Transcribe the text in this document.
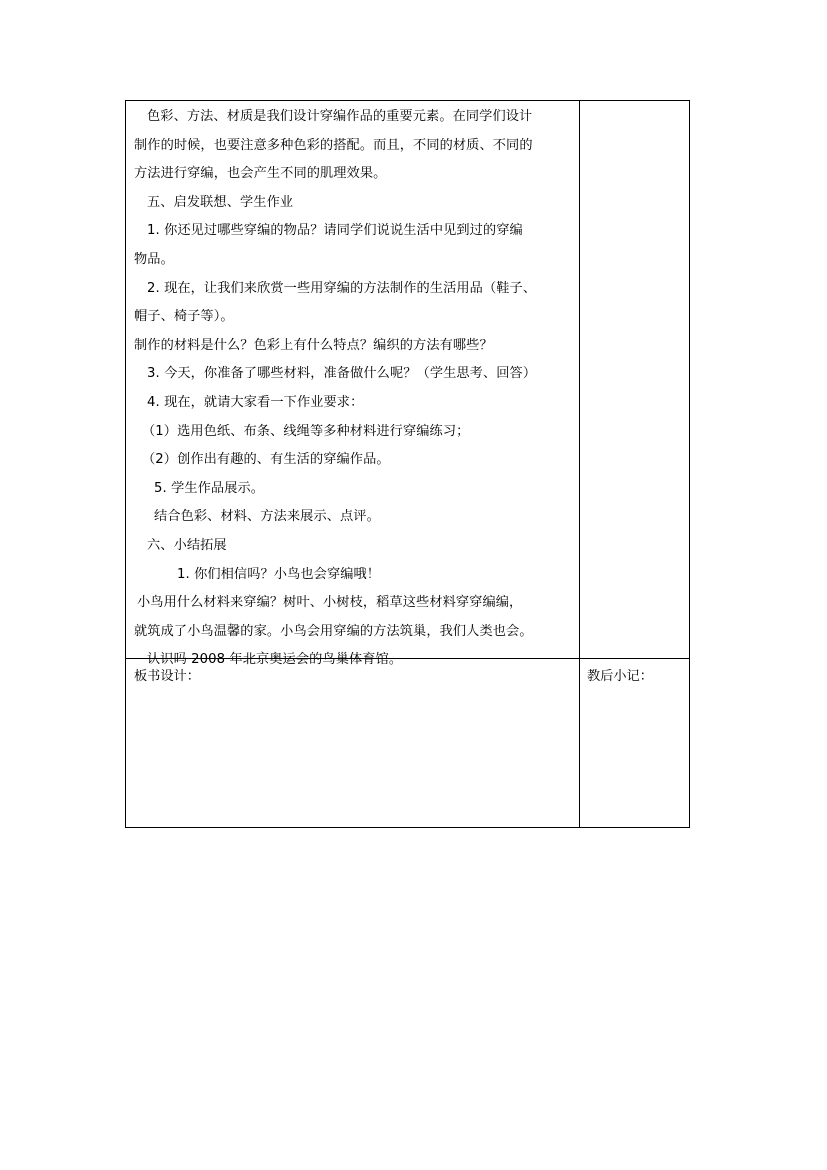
色彩、方法、材质是我们设计穿编作品的重要元素。在同学们设计
制作的时候，也要注意多种色彩的搭配。而且，不同的材质、不同的
方法进行穿编，也会产生不同的肌理效果。
五、启发联想、学生作业
1. 你还见过哪些穿编的物品？请同学们说说生活中见到过的穿编
物品。
2. 现在，让我们来欣赏一些用穿编的方法制作的生活用品（鞋子、
帽子、椅子等）。
制作的材料是什么？色彩上有什么特点？编织的方法有哪些？
3. 今天，你准备了哪些材料，准备做什么呢？（学生思考、回答）
4. 现在，就请大家看一下作业要求：
（1）选用色纸、布条、线绳等多种材料进行穿编练习；
（2）创作出有趣的、有生活的穿编作品。
5. 学生作品展示。
结合色彩、材料、方法来展示、点评。
六、小结拓展
1. 你们相信吗？小鸟也会穿编哦！
小鸟用什么材料来穿编？树叶、小树枝，稻草这些材料穿穿编编，
就筑成了小鸟温馨的家。小鸟会用穿编的方法筑巢，我们人类也会。
认识吗 2008 年北京奥运会的鸟巢体育馆。
板书设计：	教后小记：
